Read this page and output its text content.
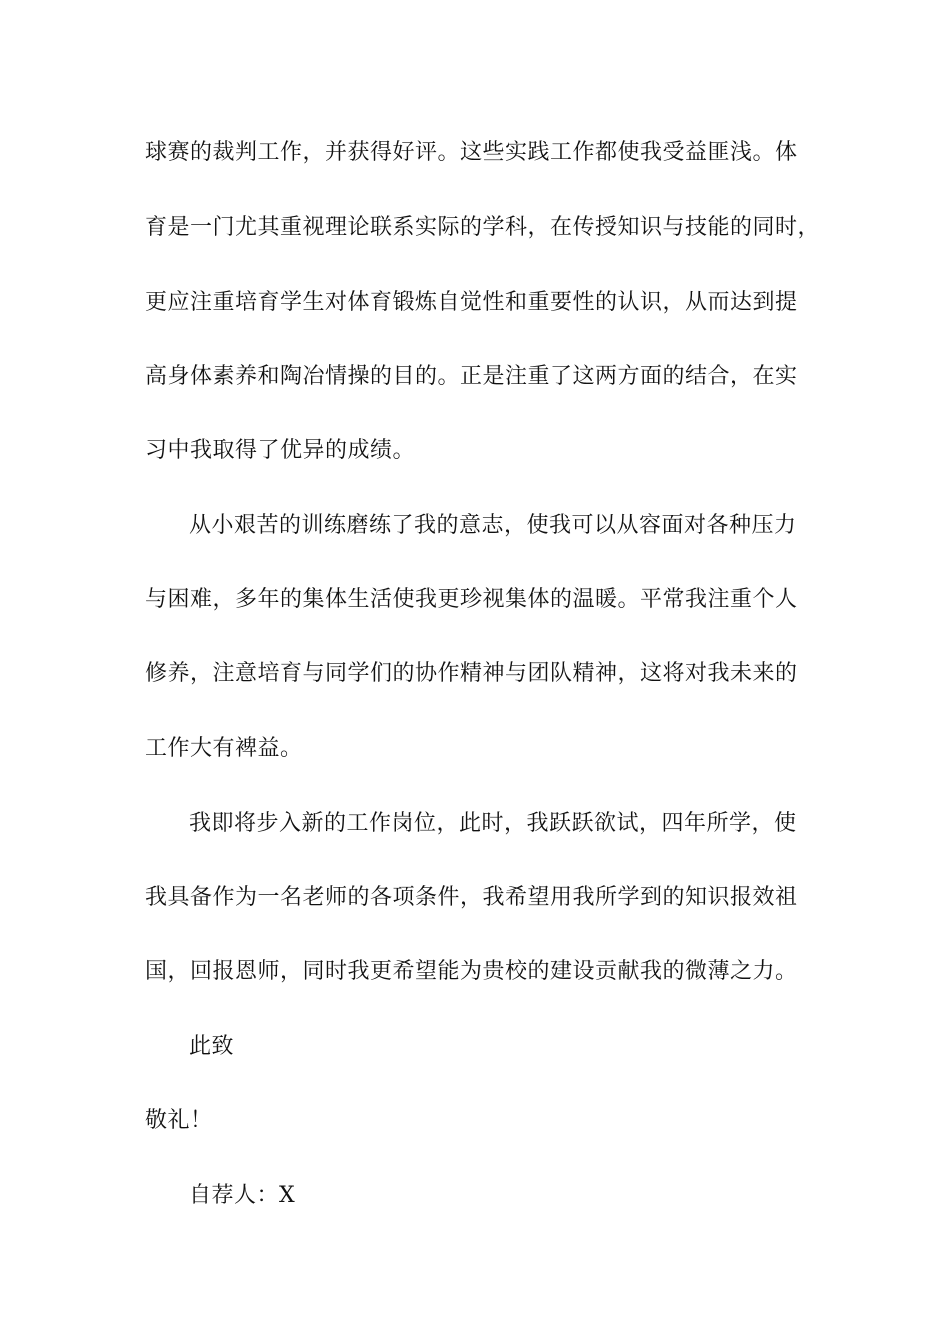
球赛的裁判工作，并获得好评。这些实践工作都使我受益匪浅。体
育是一门尤其重视理论联系实际的学科，在传授知识与技能的同时，
更应注重培育学生对体育锻炼自觉性和重要性的认识，从而达到提
高身体素养和陶冶情操的目的。正是注重了这两方面的结合，在实
习中我取得了优异的成绩。
从小艰苦的训练磨练了我的意志，使我可以从容面对各种压力
与困难，多年的集体生活使我更珍视集体的温暖。平常我注重个人
修养，注意培育与同学们的协作精神与团队精神，这将对我未来的
工作大有裨益。
我即将步入新的工作岗位，此时，我跃跃欲试，四年所学，使
我具备作为一名老师的各项条件，我希望用我所学到的知识报效祖
国，回报恩师，同时我更希望能为贵校的建设贡献我的微薄之力。
此致
敬礼！
自荐人：X
